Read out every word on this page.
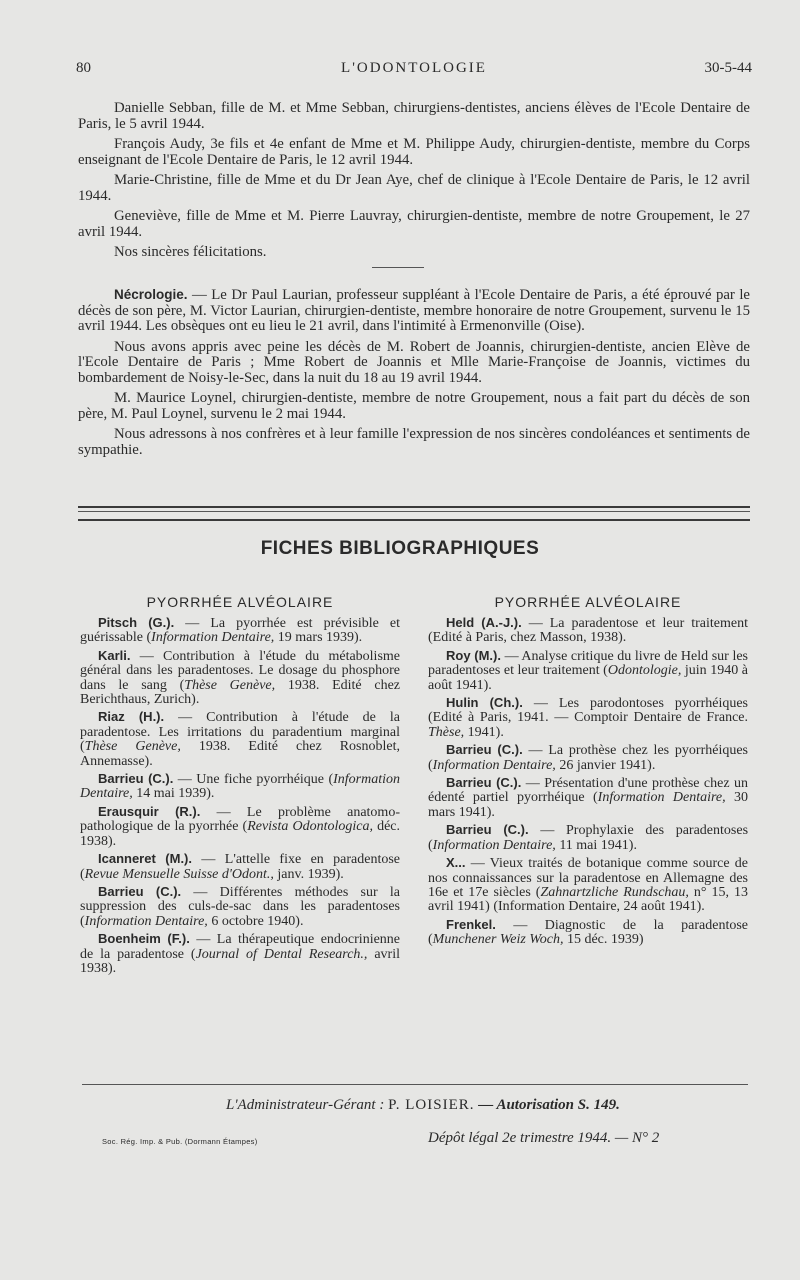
80	L'ODONTOLOGIE	30-5-44

Danielle Sebban, fille de M. et Mme Sebban, chirurgiens-dentistes, anciens élèves de l'Ecole Dentaire de Paris, le 5 avril 1944.

François Audy, 3e fils et 4e enfant de Mme et M. Philippe Audy, chirurgien-dentiste, membre du Corps enseignant de l'Ecole Dentaire de Paris, le 12 avril 1944.

Marie-Christine, fille de Mme et du Dr Jean Aye, chef de clinique à l'Ecole Dentaire de Paris, le 12 avril 1944.

Geneviève, fille de Mme et M. Pierre Lauvray, chirurgien-dentiste, membre de notre Groupement, le 27 avril 1944.

Nos sincères félicitations.

Nécrologie. — Le Dr Paul Laurian, professeur suppléant à l'Ecole Dentaire de Paris, a été éprouvé par le décès de son père, M. Victor Laurian, chirurgien-dentiste, membre honoraire de notre Groupement, survenu le 15 avril 1944. Les obsèques ont eu lieu le 21 avril, dans l'intimité à Ermenonville (Oise).

Nous avons appris avec peine les décès de M. Robert de Joannis, chirurgien-dentiste, ancien Elève de l'Ecole Dentaire de Paris ; Mme Robert de Joannis et Mlle Marie-Françoise de Joannis, victimes du bombardement de Noisy-le-Sec, dans la nuit du 18 au 19 avril 1944.

M. Maurice Loynel, chirurgien-dentiste, membre de notre Groupement, nous a fait part du décès de son père, M. Paul Loynel, survenu le 2 mai 1944.

Nous adressons à nos confrères et à leur famille l'expression de nos sincères condoléances et sentiments de sympathie.

FICHES BIBLIOGRAPHIQUES
PYORRHÉE ALVÉOLAIRE

Pitsch (G.). — La pyorrhée est prévisible et guérissable (Information Dentaire, 19 mars 1939).

Karli. — Contribution à l'étude du métabolisme général dans les paradentoses. Le dosage du phosphore dans le sang (Thèse Genève, 1938. Edité chez Berichthaus, Zurich).

Riaz (H.). — Contribution à l'étude de la paradentose. Les irritations du paradentium marginal (Thèse Genève, 1938. Edité chez Rosnoblet, Annemasse).

Barrieu (C.). — Une fiche pyorrhéique (Information Dentaire, 14 mai 1939).

Erausquir (R.). — Le problème anatomo-pathologique de la pyorrhée (Revista Odontologica, déc. 1938).

Icanneret (M.). — L'attelle fixe en paradentose (Revue Mensuelle Suisse d'Odont., janv. 1939).

Barrieu (C.). — Différentes méthodes sur la suppression des culs-de-sac dans les paradentoses (Information Dentaire, 6 octobre 1940).

Boenheim (F.). — La thérapeutique endocrinienne de la paradentose (Journal of Dental Research., avril 1938).

PYORRHÉE ALVÉOLAIRE

Held (A.-J.). — La paradentose et leur traitement (Edité à Paris, chez Masson, 1938).

Roy (M.). — Analyse critique du livre de Held sur les paradentoses et leur traitement (Odontologie, juin 1940 à août 1941).

Hulin (Ch.). — Les parodontoses pyorrhéiques (Edité à Paris, 1941. — Comptoir Dentaire de France. Thèse, 1941).

Barrieu (C.). — La prothèse chez les pyorrhéiques (Information Dentaire, 26 janvier 1941).

Barrieu (C.). — Présentation d'une prothèse chez un édenté partiel pyorrhéique (Information Dentaire, 30 mars 1941).

Barrieu (C.). — Prophylaxie des paradentoses (Information Dentaire, 11 mai 1941).

X... — Vieux traités de botanique comme source de nos connaissances sur la paradentose en Allemagne des 16e et 17e siècles (Zahnartzliche Rundschau, n° 15, 13 avril 1941) (Information Dentaire, 24 août 1941).

Frenkel. — Diagnostic de la paradentose (Munchener Weiz Woch, 15 déc. 1939)

L'Administrateur-Gérant : P. LOISIER. — Autorisation S. 149.
Soc. Rég. Imp. & Pub. (Dormann Étampes)	Dépôt légal 2e trimestre 1944. — N° 2
